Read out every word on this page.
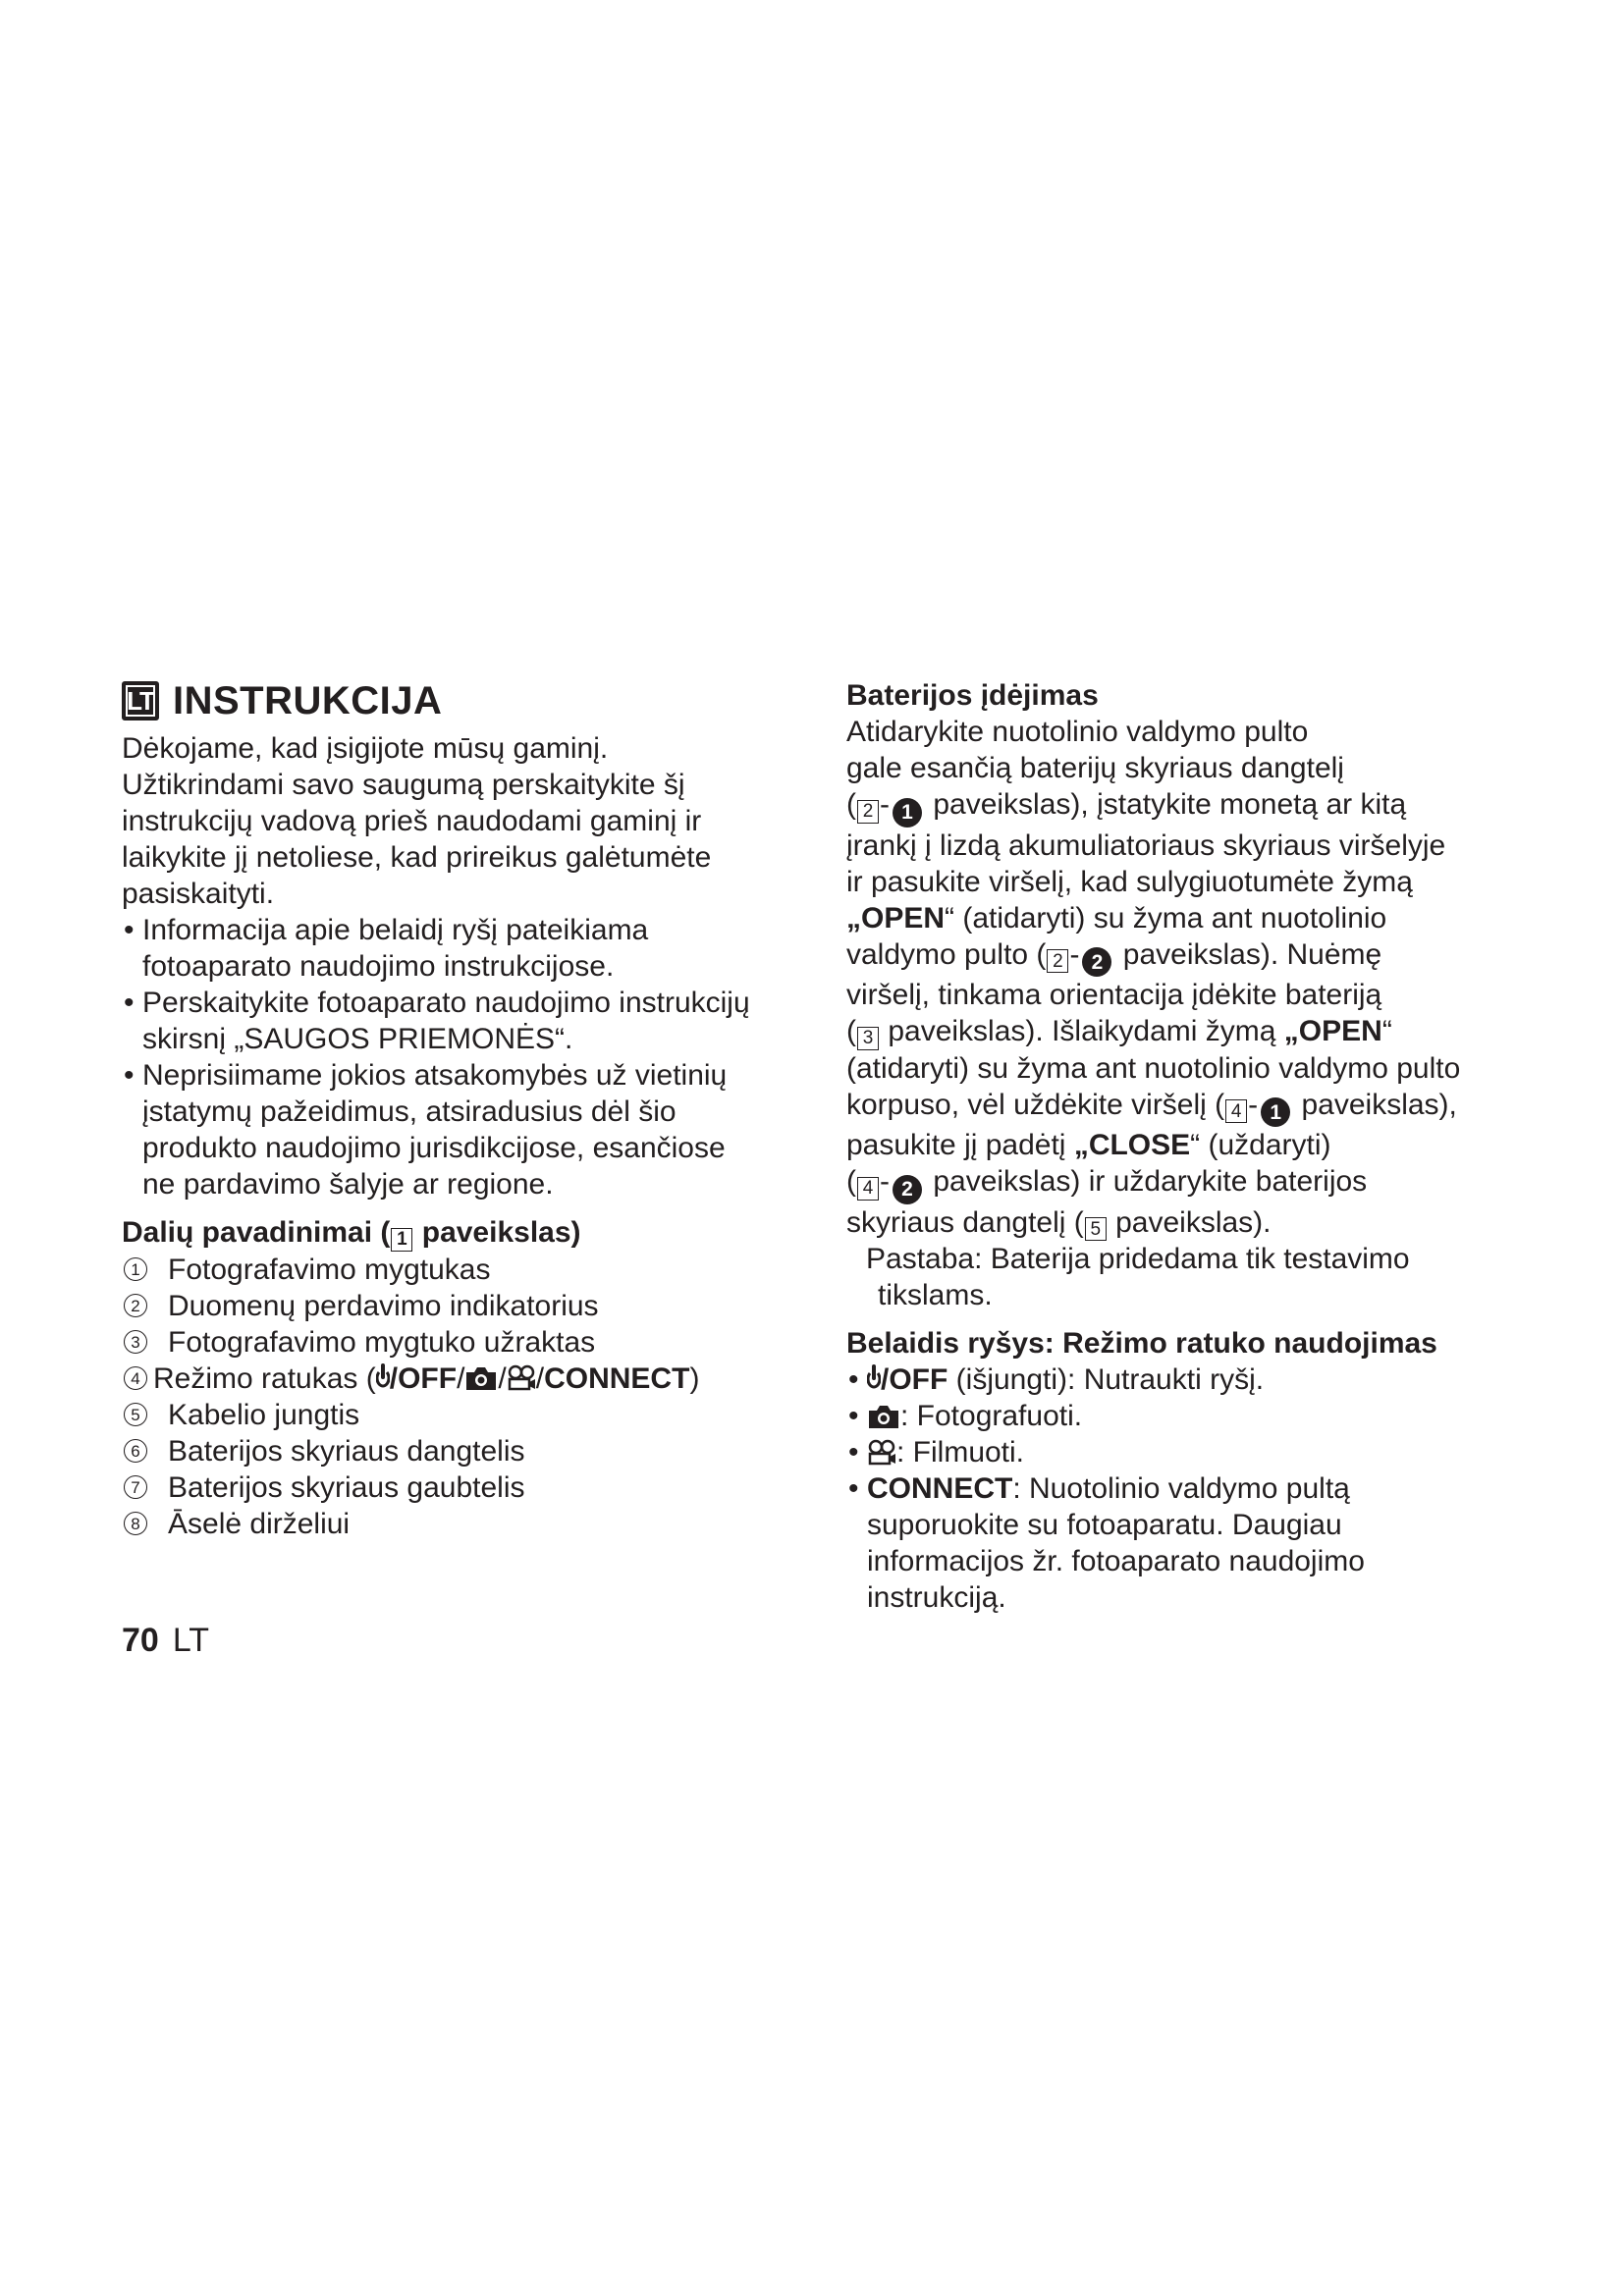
LT INSTRUKCIJA

Dėkojame, kad įsigijote mūsų gaminį.

Užtikrindami savo saugumą perskaitykite šį

instrukcijų vadovą prieš naudodami gaminį ir

laikykite jį netoliese, kad prireikus galėtumėte

pasiskaityti.

• Informacija apie belaidį ryšį pateikiama

fotoaparato naudojimo instrukcijose.

• Perskaitykite fotoaparato naudojimo instrukcijų

skirsnį „SAUGOS PRIEMONĖS“.

• Neprisiimame jokios atsakomybės už vietinių

įstatymų pažeidimus, atsiradusius dėl šio

produkto naudojimo jurisdikcijose, esančiose

ne pardavimo šalyje ar regione.

Dalių pavadinimai ( 1 paveikslas)

1 Fotografavimo mygtukas
2 Duomenų perdavimo indikatorius
3 Fotografavimo mygtuko užraktas
4 Režimo ratukas ( /OFF / / / CONNECT )
5 Kabelio jungtis
6 Baterijos skyriaus dangtelis
7 Baterijos skyriaus gaubtelis
8 Āselė dirželiui

Baterijos įdėjimas

Atidarykite nuotolinio valdymo pulto

gale esančią baterijų skyriaus dangtelį

( 2 - 1 paveikslas), įstatykite monetą ar kitą

įrankį į lizdą akumuliatoriaus skyriaus viršelyje

ir pasukite viršelį, kad sulygiuotumėte žymą

„OPEN“ (atidaryti) su žyma ant nuotolinio

valdymo pulto ( 2 - 2 paveikslas). Nuėmę

viršelį, tinkama orientacija įdėkite bateriją

( 3 paveikslas). Išlaikydami žymą „OPEN“

(atidaryti) su žyma ant nuotolinio valdymo pulto

korpuso, vėl uždėkite viršelį ( 4 - 1 paveikslas),

pasukite jį padėtį „CLOSE“ (uždaryti)

( 4 - 2 paveikslas) ir uždarykite baterijos

skyriaus dangtelį ( 5 paveikslas).

Pastaba: Baterija pridedama tik testavimo

tikslams.

Belaidis ryšys: Režimo ratuko naudojimas

• /OFF (išjungti): Nutraukti ryšį.
• : Fotografuoti.
• : Filmuoti.

• CONNECT: Nuotolinio valdymo pultą

suporuokite su fotoaparatu. Daugiau

informacijos žr. fotoaparato naudojimo

instrukciją.

70 LT
